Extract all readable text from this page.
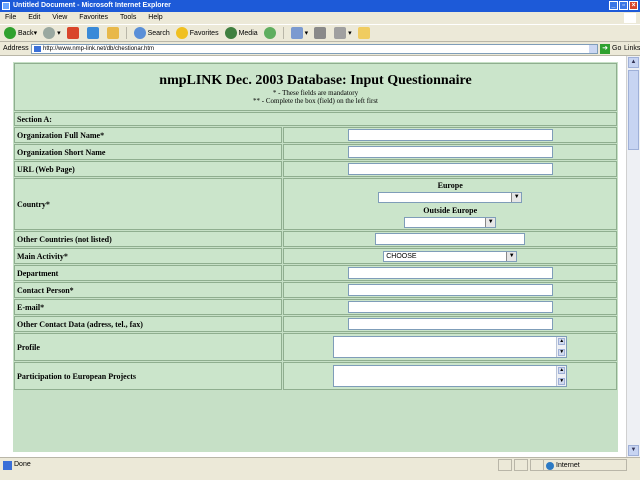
Untitled Document - Microsoft Internet Explorer	_ ▫ ×
File Edit View Favorites Tools Help
Back ▾	▾	Search	Favorites	Media	▾	▾
Address	http://www.nmp-link.net/db/chestionar.htm	➜ Go Links
nmpLINK Dec. 2003 Database: Input Questionnaire
* - These fields are mandatory
** - Complete the box (field) on the left first	

Section A:	
Organization Full Name*	
Organization Short Name	
URL (Web Page)	
Country*	Europe
▼
Outside Europe
▼

Other Countries (not listed)	
Main Activity*	CHOOSE ▼

Department	
Contact Person*	
E-mail*	
Other Contact Data (adress, tel., fax)	
Profile	▲
▼

Participation to European Projects	▲
▼
▲
▼
Done	Internet
